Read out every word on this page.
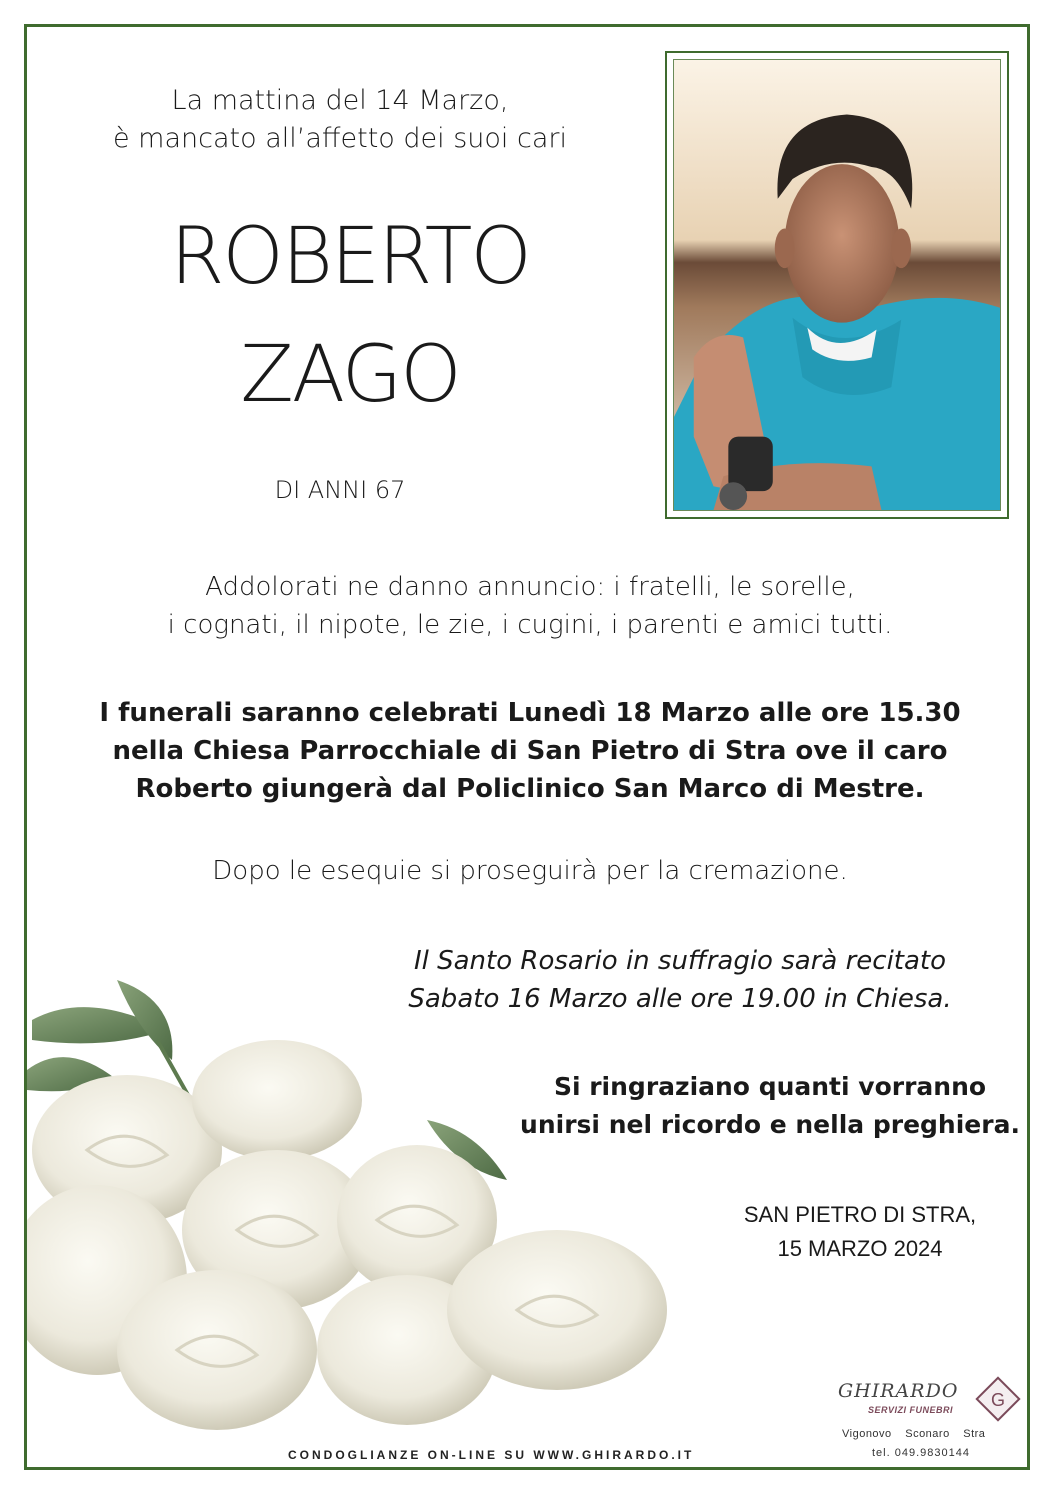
La mattina del 14 Marzo,
è mancato all’affetto dei suoi cari
ROBERTO
ZAGO
DI ANNI 67
Addolorati ne danno annuncio: i fratelli, le sorelle,
i cognati, il nipote, le zie, i cugini, i parenti e amici tutti.
I funerali saranno celebrati Lunedì 18 Marzo alle ore 15.30
nella Chiesa Parrocchiale di San Pietro di Stra ove il caro
Roberto giungerà dal Policlinico San Marco di Mestre.
Dopo le esequie si proseguirà per la cremazione.
Il Santo Rosario in suffragio sarà recitato
Sabato 16 Marzo alle ore 19.00 in Chiesa.
Si ringraziano quanti vorranno
unirsi nel ricordo e nella preghiera.
SAN PIETRO DI STRA,
15 MARZO 2024
CONDOGLIANZE ON-LINE SU WWW.GHIRARDO.IT
GHIRARDO
SERVIZI FUNEBRI G
Vigonovo Sconaro Stra
tel. 049.9830144
